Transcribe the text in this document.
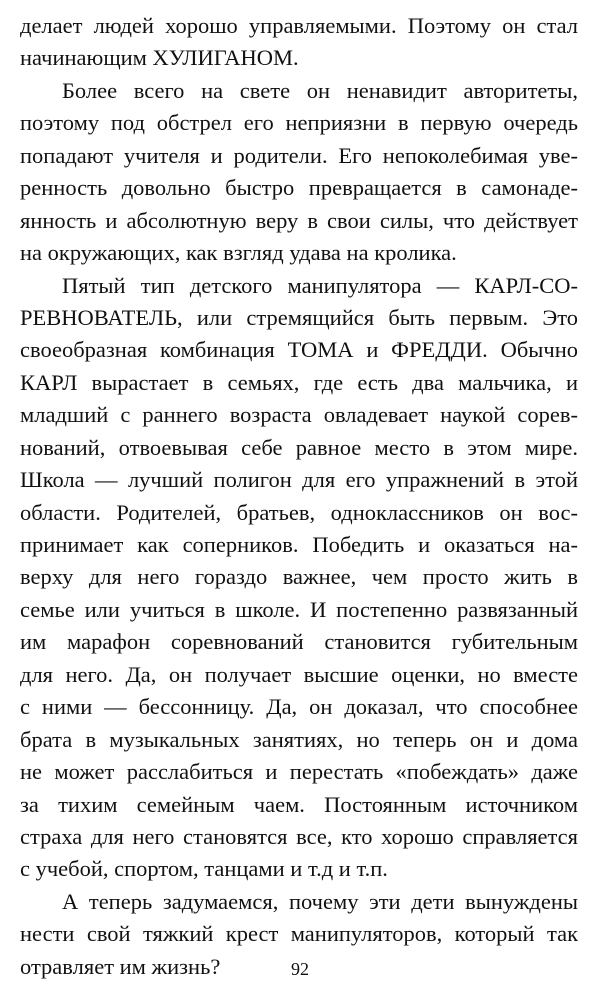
делает людей хорошо управляемыми. Поэтому он стал
начинающим ХУЛИГАНОМ.
Более всего на свете он ненавидит авторитеты,
поэтому под обстрел его неприязни в первую очередь
попадают учителя и родители. Его непоколебимая уве-
ренность довольно быстро превращается в самонаде-
янность и абсолютную веру в свои силы, что действует
на окружающих, как взгляд удава на кролика.
Пятый тип детского манипулятора — КАРЛ-СО-
РЕВНОВАТЕЛЬ, или стремящийся быть первым. Это
своеобразная комбинация ТОМА и ФРЕДДИ. Обычно
КАРЛ вырастает в семьях, где есть два мальчика, и
младший с раннего возраста овладевает наукой сорев-
нований, отвоевывая себе равное место в этом мире.
Школа — лучший полигон для его упражнений в этой
области. Родителей, братьев, одноклассников он вос-
принимает как соперников. Победить и оказаться на-
верху для него гораздо важнее, чем просто жить в
семье или учиться в школе. И постепенно развязанный
им марафон соревнований становится губительным
для него. Да, он получает высшие оценки, но вместе
с ними — бессонницу. Да, он доказал, что способнее
брата в музыкальных занятиях, но теперь он и дома
не может расслабиться и перестать «побеждать» даже
за тихим семейным чаем. Постоянным источником
страха для него становятся все, кто хорошо справляется
с учебой, спортом, танцами и т.д и т.п.
А теперь задумаемся, почему эти дети вынуждены
нести свой тяжкий крест манипуляторов, который так
отравляет им жизнь?	92
